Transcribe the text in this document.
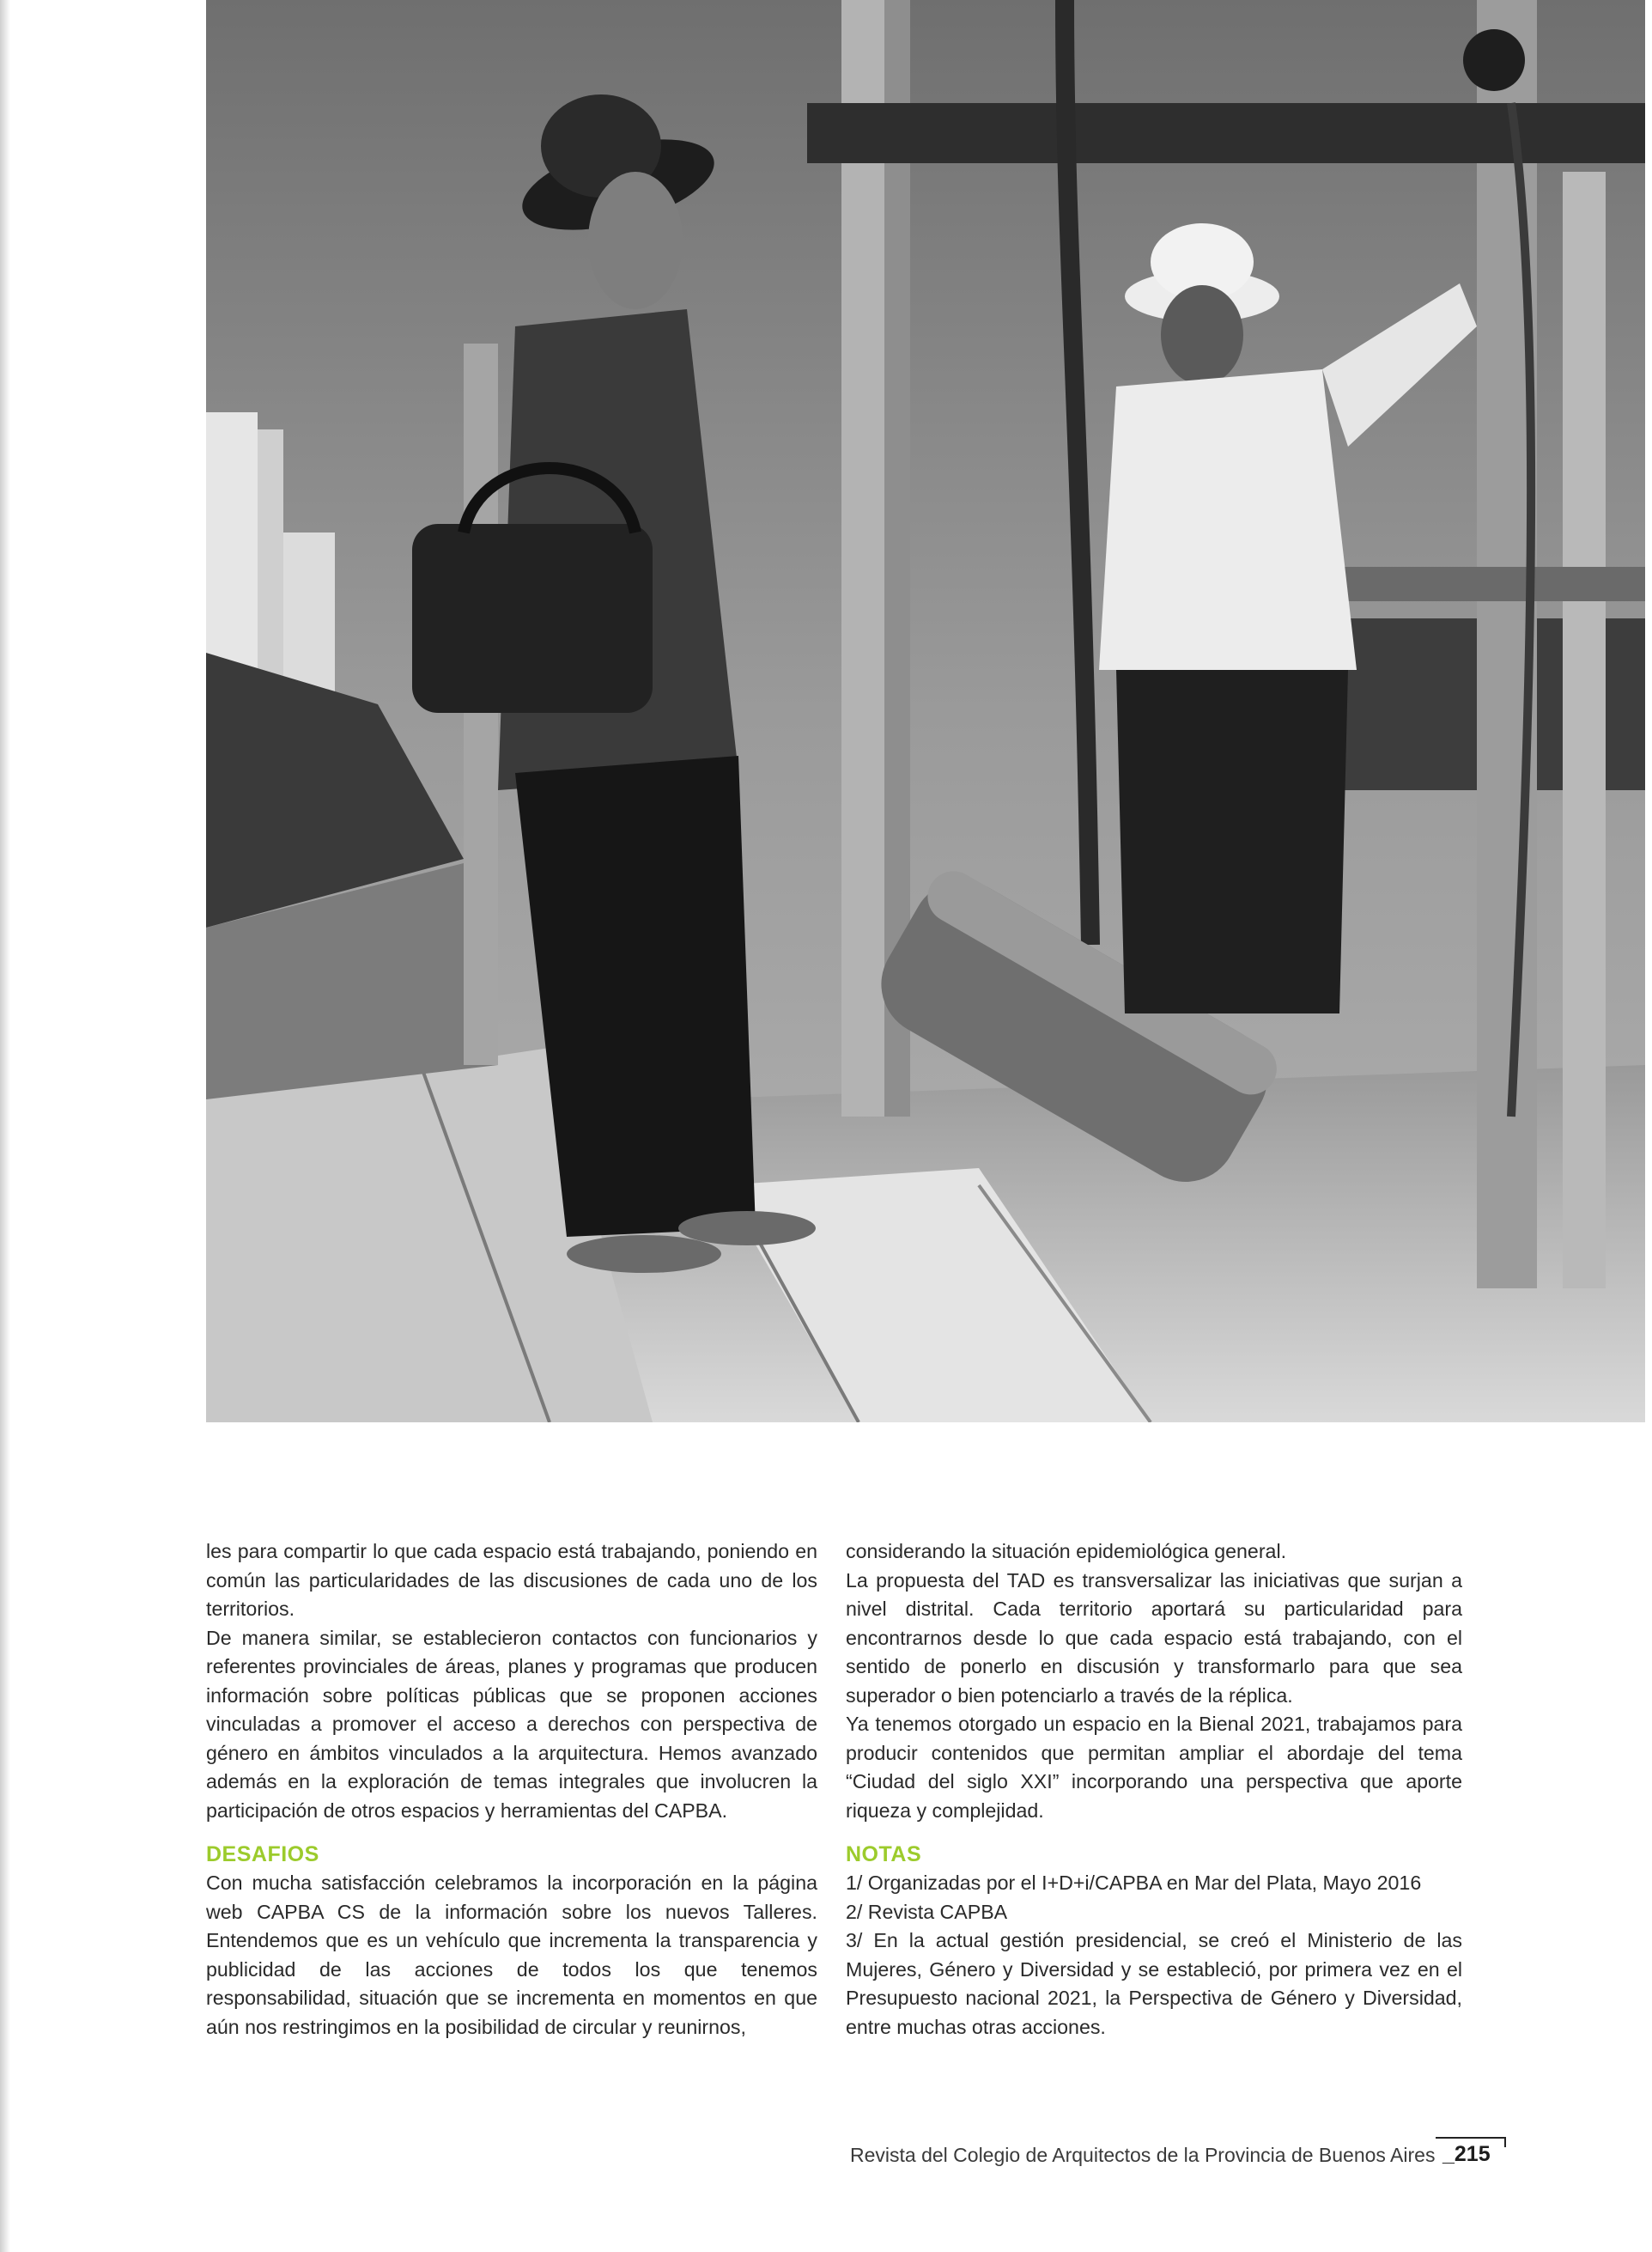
les para compartir lo que cada espacio está trabajando, poniendo en común las particularidades de las discusiones de cada uno de los territorios.

De manera similar, se establecieron contactos con funcionarios y referentes provinciales de áreas, planes y programas que producen información sobre políticas públicas que se proponen acciones vinculadas a promover el acceso a derechos con perspectiva de género en ámbitos vinculados a la arquitectura. Hemos avanzado además en la exploración de temas integrales que involucren la participación de otros espacios y herramientas del CAPBA.

DESAFIOS

Con mucha satisfacción celebramos la incorporación en la página web CAPBA CS de la información sobre los nuevos Talleres. Entendemos que es un vehículo que incrementa la transparencia y publicidad de las acciones de todos los que tenemos responsabilidad, situación que se incrementa en momentos en que aún nos restringimos en la posibilidad de circular y reunirnos,

considerando la situación epidemiológica general.

La propuesta del TAD es transversalizar las iniciativas que surjan a nivel distrital. Cada territorio aportará su particularidad para encontrarnos desde lo que cada espacio está trabajando, con el sentido de ponerlo en discusión y transformarlo para que sea superador o bien potenciarlo a través de la réplica.

Ya tenemos otorgado un espacio en la Bienal 2021, trabajamos para producir contenidos que permitan ampliar el abordaje del tema “Ciudad del siglo XXI” incorporando una perspectiva que aporte riqueza y complejidad.

NOTAS
1/ Organizadas por el I+D+i/CAPBA en Mar del Plata, Mayo 2016
2/ Revista CAPBA
3/ En la actual gestión presidencial, se creó el Ministerio de las Mujeres, Género y Diversidad y se estableció, por primera vez en el Presupuesto nacional 2021, la Perspectiva de Género y Diversidad, entre muchas otras acciones.
Revista del Colegio de Arquitectos de la Provincia de Buenos Aires _215
